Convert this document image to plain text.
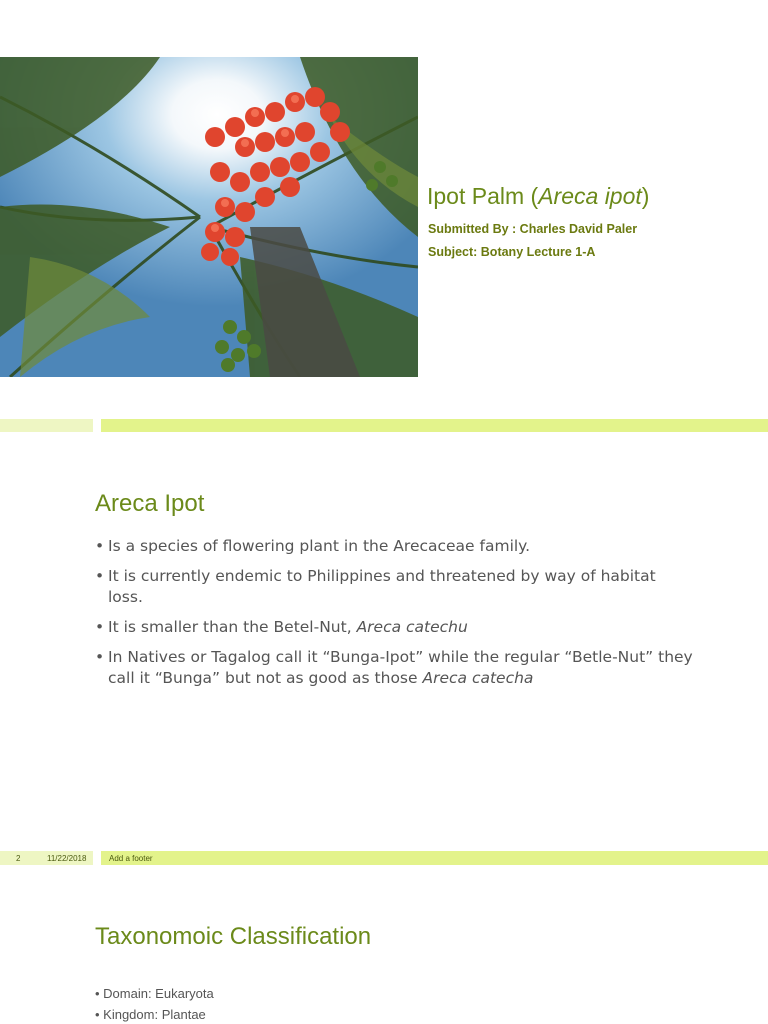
Ipot Palm (Areca ipot)
Submitted By : Charles David Paler
Subject: Botany Lecture 1-A
Areca Ipot
• Is a species of flowering plant in the Arecaceae family.
• It is currently endemic to Philippines and threatened by way of habitat loss.
• It is smaller than the Betel-Nut, Areca catechu
• In Natives or Tagalog call it “Bunga-Ipot” while the regular “Betle-Nut” they call it “Bunga” but not as good as those Areca catecha
2	11/22/2018	Add a footer
Taxonomoic Classification
• Domain: Eukaryota
• Kingdom: Plantae
